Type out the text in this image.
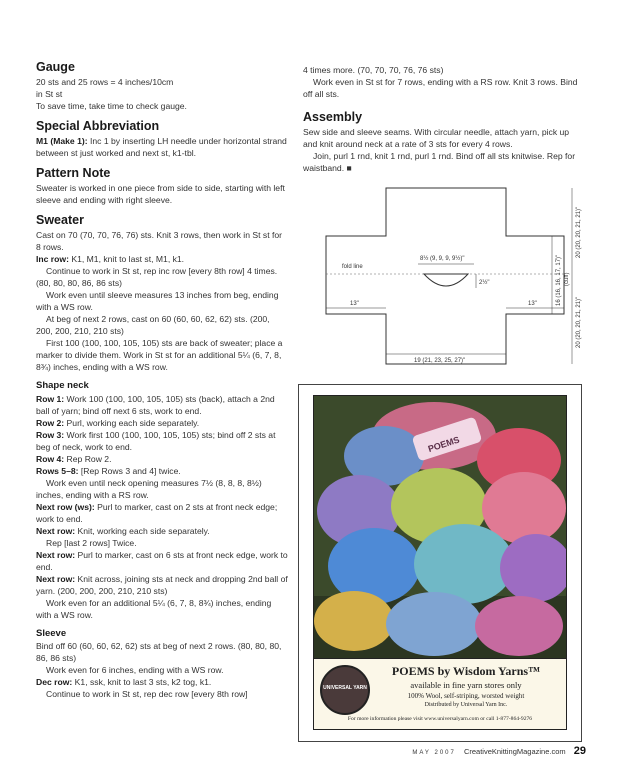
Gauge

20 sts and 25 rows = 4 inches/10cm

in St st

To save time, take time to check gauge.

Special Abbreviation

M1 (Make 1): Inc 1 by inserting LH needle under horizontal strand between st just worked and next st, k1-tbl.

Pattern Note

Sweater is worked in one piece from side to side, starting with left sleeve and ending with right sleeve.

Sweater

Cast on 70 (70, 70, 76, 76) sts. Knit 3 rows, then work in St st for 8 rows.

Inc row: K1, M1, knit to last st, M1, k1.

Continue to work in St st, rep inc row [every 8th row] 4 times. (80, 80, 80, 86, 86 sts)

Work even until sleeve measures 13 inches from beg, ending with a WS row.

At beg of next 2 rows, cast on 60 (60, 60, 62, 62) sts. (200, 200, 200, 210, 210 sts)

First 100 (100, 100, 105, 105) sts are back of sweater; place a marker to divide them. Work in St st for an additional 5¼ (6, 7, 8, 8¾) inches, ending with a WS row.

Shape neck

Row 1: Work 100 (100, 100, 105, 105) sts (back), attach a 2nd ball of yarn; bind off next 6 sts, work to end.

Row 2: Purl, working each side separately.

Row 3: Work first 100 (100, 100, 105, 105) sts; bind off 2 sts at beg of neck, work to end.

Row 4: Rep Row 2.

Rows 5–8: [Rep Rows 3 and 4] twice.

Work even until neck opening measures 7½ (8, 8, 8, 8½) inches, ending with a RS row.

Next row (ws): Purl to marker, cast on 2 sts at front neck edge; work to end.

Next row: Knit, working each side separately.

Rep [last 2 rows] Twice.

Next row: Purl to marker, cast on 6 sts at front neck edge, work to end.

Next row: Knit across, joining sts at neck and dropping 2nd ball of yarn. (200, 200, 200, 210, 210 sts)

Work even for an additional 5¼ (6, 7, 8, 8¾) inches, ending with a WS row.

Sleeve

Bind off 60 (60, 60, 62, 62) sts at beg of next 2 rows. (80, 80, 80, 86, 86 sts)

Work even for 6 inches, ending with a WS row.

Dec row: K1, ssk, knit to last 3 sts, k2 tog, k1.

Continue to work in St st, rep dec row [every 8th row]

4 times more. (70, 70, 70, 76, 76 sts)

Work even in St st for 7 rows, ending with a RS row. Knit 3 rows. Bind off all sts.

Assembly

Sew side and sleeve seams. With circular needle, attach yarn, pick up and knit around neck at a rate of 3 sts for every 4 rows.

Join, purl 1 rnd, knit 1 rnd, purl 1 rnd. Bind off all sts knitwise. Rep for waistband. ■

fold line
8½ (9, 9, 9, 9½)"
2½"
13"	13"
19 (21, 23, 25, 27)"
20 (20, 20, 21, 21)"
20 (20, 20, 21, 21)"
16 (16, 16, 17, 17)" (cuff)
POEMS
UNIVERSAL YARN
POEMS by Wisdom Yarns™
available in fine yarn stores only
100% Wool, self-striping, worsted weight
Distributed by Universal Yarn Inc.
For more information please visit www.universalyarn.com or call 1-877-864-9276
MAY 2007 CreativeKnittingMagazine.com 29
